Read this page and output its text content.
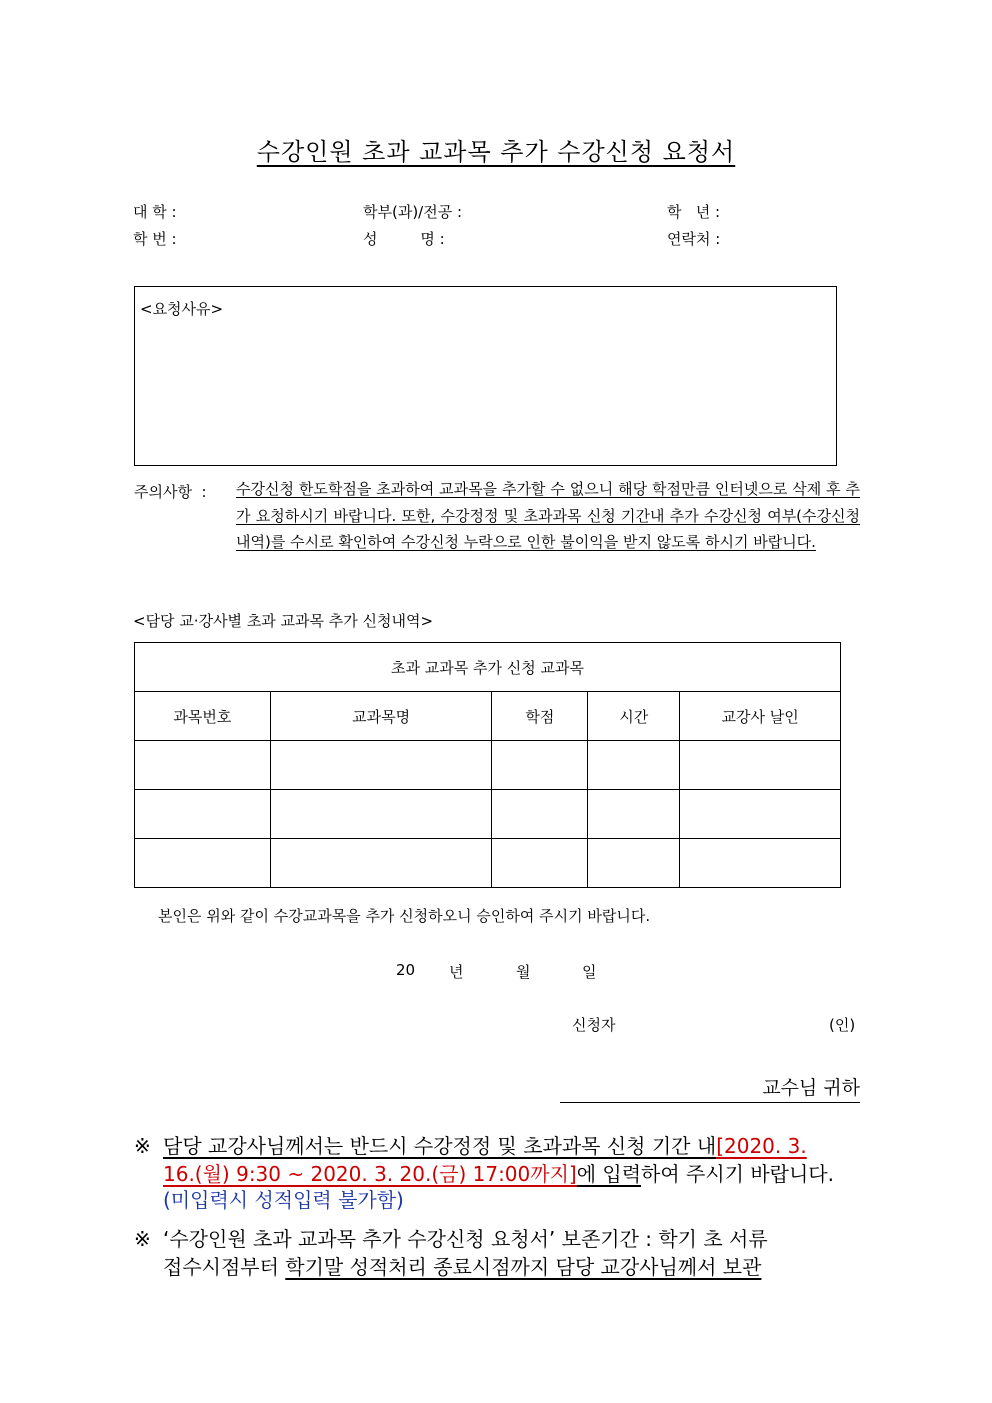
수강인원 초과 교과목 추가 수강신청 요청서
대 학 :	학부(과)/전공 :	학   년 :
학 번 :	성         명 :	연락처 :
<요청사유>
주의사항  : 수강신청 한도학점을 초과하여 교과목을 추가할 수 없으니 해당 학점만큼 인터넷으로 삭제 후 추가 요청하시기 바랍니다. 또한, 수강정정 및 초과과목 신청 기간내 추가 수강신청 여부(수강신청내역)를 수시로 확인하여 수강신청 누락으로 인한 불이익을 받지 않도록 하시기 바랍니다.
<담당 교·강사별 초과 교과목 추가 신청내역>
초과 교과목 추가 신청 교과목				
과목번호	교과목명	학점	시간	교강사 날인

본인은 위와 같이 수강교과목을 추가 신청하오니 승인하여 주시기 바랍니다.
20 년	월	일
신청자	(인)
교수님 귀하
※ 담당 교강사님께서는 반드시 수강정정 및 초과과목 신청 기간 내[2020. 3.
16.(월) 9:30 ~ 2020. 3. 20.(금) 17:00까지]에 입력하여 주시기 바랍니다.
(미입력시 성적입력 불가함)
※ ‘수강인원 초과 교과목 추가 수강신청 요청서’ 보존기간 : 학기 초 서류
접수시점부터 학기말 성적처리 종료시점까지 담당 교강사님께서 보관
